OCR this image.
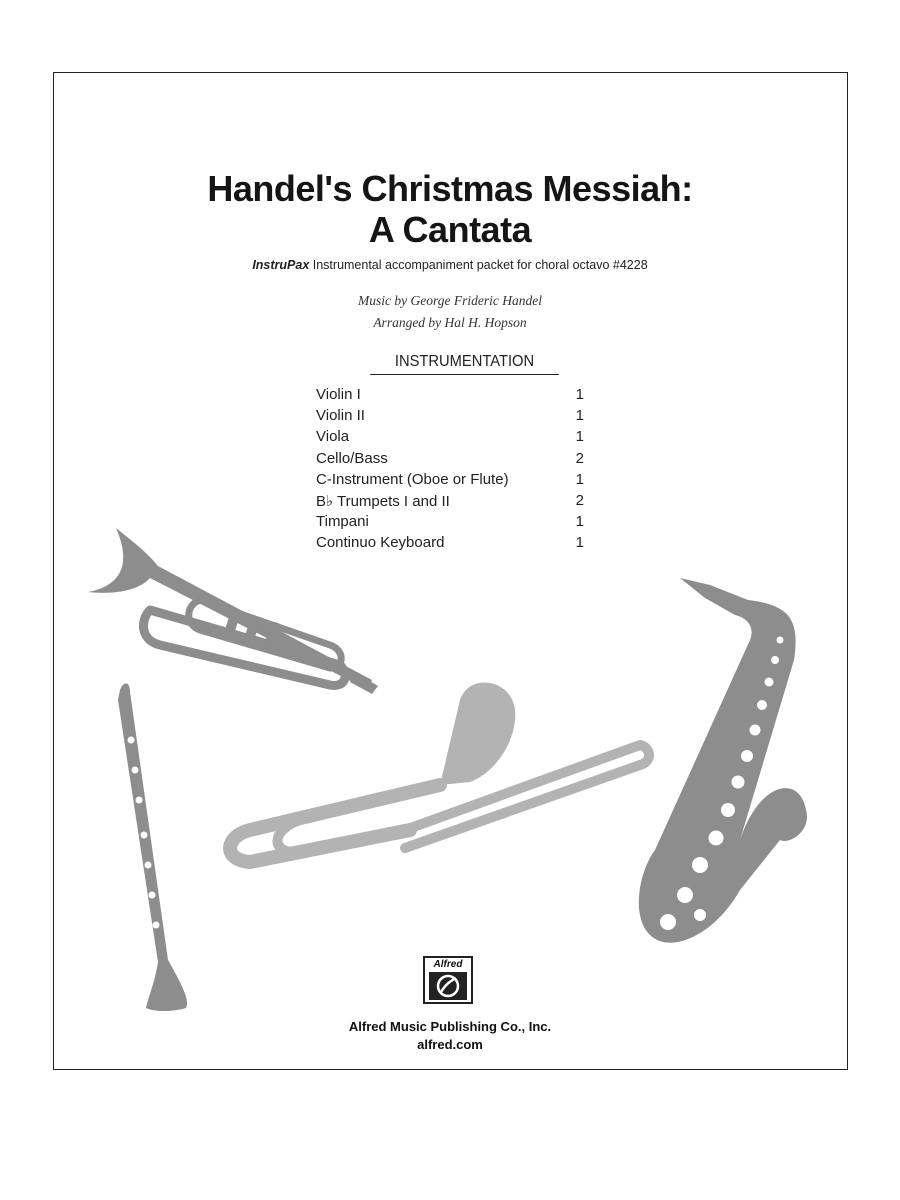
Handel's Christmas Messiah:
A Cantata
InstruPax Instrumental accompaniment packet for choral octavo #4228
Music by George Frideric Handel
Arranged by Hal H. Hopson
INSTRUMENTATION
Violin I	1
Violin II	1
Viola	1
Cello/Bass	2
C-Instrument (Oboe or Flute)	1
B♭ Trumpets I and II	2
Timpani	1
Continuo Keyboard	1
Alfred
Alfred Music Publishing Co., Inc.
alfred.com
